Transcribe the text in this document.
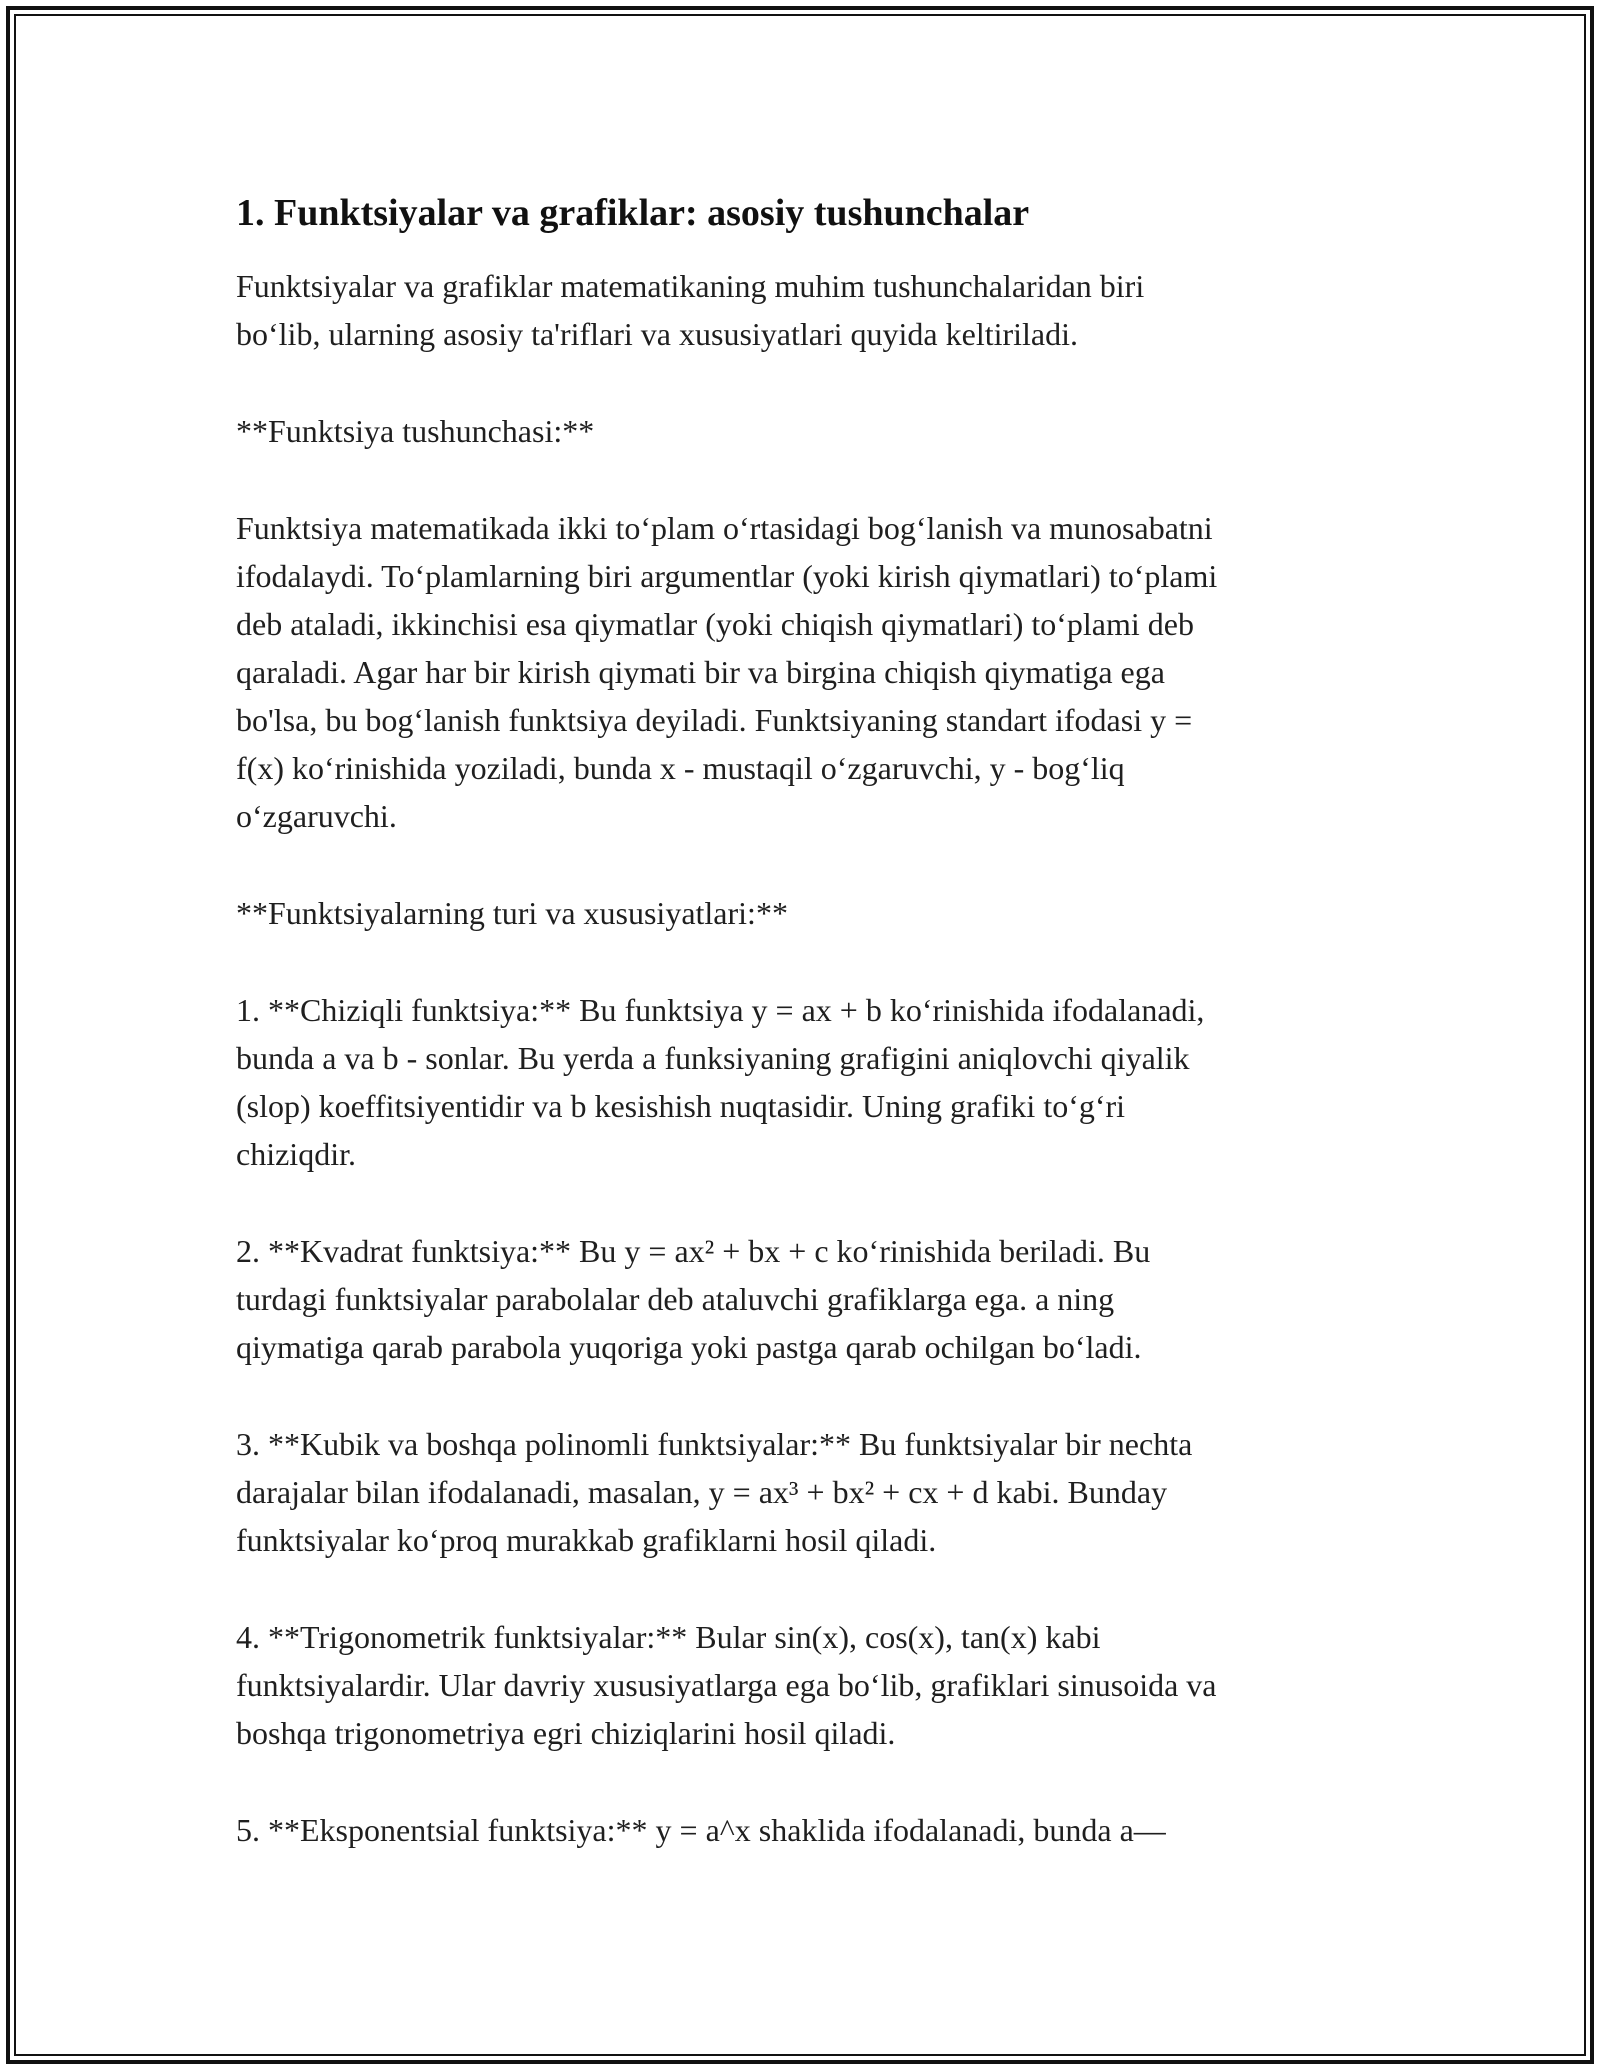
1. Funktsiyalar va grafiklar: asosiy tushunchalar

Funktsiyalar va grafiklar matematikaning muhim tushunchalaridan biri
bo‘lib, ularning asosiy ta'riflari va xususiyatlari quyida keltiriladi.

**Funktsiya tushunchasi:**

Funktsiya matematikada ikki to‘plam o‘rtasidagi bog‘lanish va munosabatni
ifodalaydi. To‘plamlarning biri argumentlar (yoki kirish qiymatlari) to‘plami
deb ataladi, ikkinchisi esa qiymatlar (yoki chiqish qiymatlari) to‘plami deb
qaraladi. Agar har bir kirish qiymati bir va birgina chiqish qiymatiga ega
bo'lsa, bu bog‘lanish funktsiya deyiladi. Funktsiyaning standart ifodasi y =
f(x) ko‘rinishida yoziladi, bunda x - mustaqil o‘zgaruvchi, y - bog‘liq
o‘zgaruvchi.

**Funktsiyalarning turi va xususiyatlari:**

1. **Chiziqli funktsiya:** Bu funktsiya y = ax + b ko‘rinishida ifodalanadi,
bunda a va b - sonlar. Bu yerda a funksiyaning grafigini aniqlovchi qiyalik
(slop) koeffitsiyentidir va b kesishish nuqtasidir. Uning grafiki to‘g‘ri
chiziqdir.

2. **Kvadrat funktsiya:** Bu y = ax² + bx + c ko‘rinishida beriladi. Bu
turdagi funktsiyalar parabolalar deb ataluvchi grafiklarga ega. a ning
qiymatiga qarab parabola yuqoriga yoki pastga qarab ochilgan bo‘ladi.

3. **Kubik va boshqa polinomli funktsiyalar:** Bu funktsiyalar bir nechta
darajalar bilan ifodalanadi, masalan, y = ax³ + bx² + cx + d kabi. Bunday
funktsiyalar ko‘proq murakkab grafiklarni hosil qiladi.

4. **Trigonometrik funktsiyalar:** Bular sin(x), cos(x), tan(x) kabi
funktsiyalardir. Ular davriy xususiyatlarga ega bo‘lib, grafiklari sinusoida va
boshqa trigonometriya egri chiziqlarini hosil qiladi.

5. **Eksponentsial funktsiya:** y = a^x shaklida ifodalanadi, bunda a—
